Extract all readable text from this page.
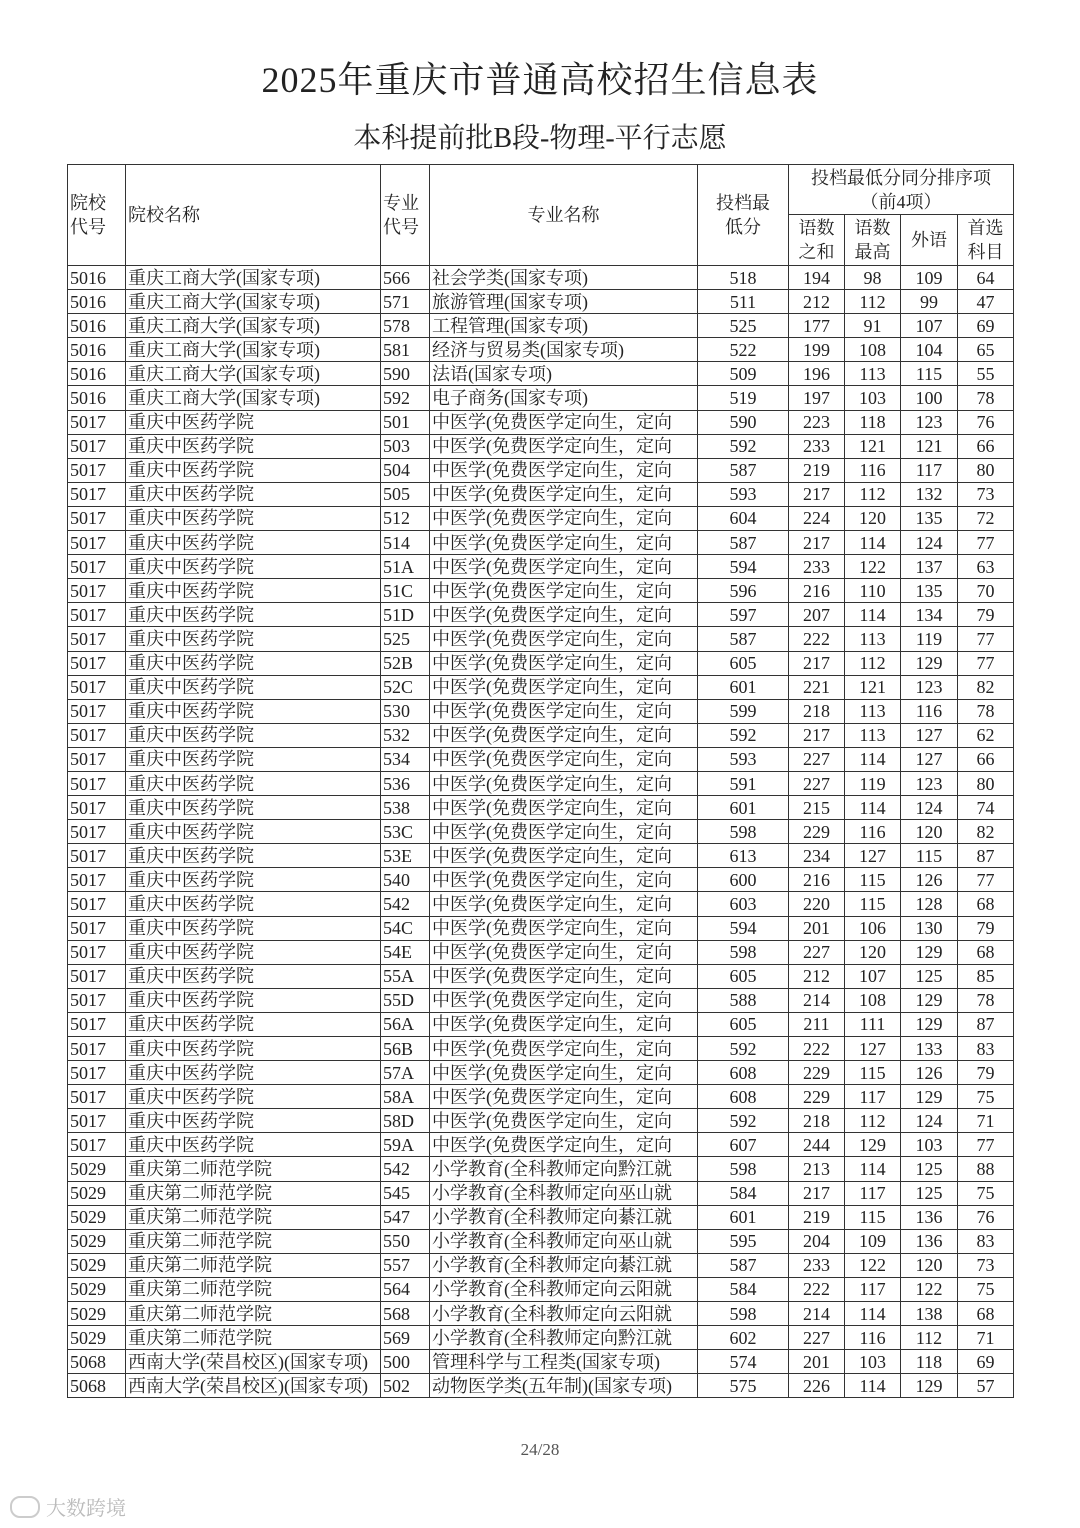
2025年重庆市普通高校招生信息表
本科提前批B段-物理-平行志愿
院校代号	院校名称	专业代号	专业名称	投档最低分	投档最低分同分排序项（前4项）			
					语数之和	语数最高	外语	首选科目
5016	重庆工商大学(国家专项)	566	社会学类(国家专项)	518	194	98	109	64
5016	重庆工商大学(国家专项)	571	旅游管理(国家专项)	511	212	112	99	47
5016	重庆工商大学(国家专项)	578	工程管理(国家专项)	525	177	91	107	69
5016	重庆工商大学(国家专项)	581	经济与贸易类(国家专项)	522	199	108	104	65
5016	重庆工商大学(国家专项)	590	法语(国家专项)	509	196	113	115	55
5016	重庆工商大学(国家专项)	592	电子商务(国家专项)	519	197	103	100	78
5017	重庆中医药学院	501	中医学(免费医学定向生，定向	590	223	118	123	76
5017	重庆中医药学院	503	中医学(免费医学定向生，定向	592	233	121	121	66
5017	重庆中医药学院	504	中医学(免费医学定向生，定向	587	219	116	117	80
5017	重庆中医药学院	505	中医学(免费医学定向生，定向	593	217	112	132	73
5017	重庆中医药学院	512	中医学(免费医学定向生，定向	604	224	120	135	72
5017	重庆中医药学院	514	中医学(免费医学定向生，定向	587	217	114	124	77
5017	重庆中医药学院	51A	中医学(免费医学定向生，定向	594	233	122	137	63
5017	重庆中医药学院	51C	中医学(免费医学定向生，定向	596	216	110	135	70
5017	重庆中医药学院	51D	中医学(免费医学定向生，定向	597	207	114	134	79
5017	重庆中医药学院	525	中医学(免费医学定向生，定向	587	222	113	119	77
5017	重庆中医药学院	52B	中医学(免费医学定向生，定向	605	217	112	129	77
5017	重庆中医药学院	52C	中医学(免费医学定向生，定向	601	221	121	123	82
5017	重庆中医药学院	530	中医学(免费医学定向生，定向	599	218	113	116	78
5017	重庆中医药学院	532	中医学(免费医学定向生，定向	592	217	113	127	62
5017	重庆中医药学院	534	中医学(免费医学定向生，定向	593	227	114	127	66
5017	重庆中医药学院	536	中医学(免费医学定向生，定向	591	227	119	123	80
5017	重庆中医药学院	538	中医学(免费医学定向生，定向	601	215	114	124	74
5017	重庆中医药学院	53C	中医学(免费医学定向生，定向	598	229	116	120	82
5017	重庆中医药学院	53E	中医学(免费医学定向生，定向	613	234	127	115	87
5017	重庆中医药学院	540	中医学(免费医学定向生，定向	600	216	115	126	77
5017	重庆中医药学院	542	中医学(免费医学定向生，定向	603	220	115	128	68
5017	重庆中医药学院	54C	中医学(免费医学定向生，定向	594	201	106	130	79
5017	重庆中医药学院	54E	中医学(免费医学定向生，定向	598	227	120	129	68
5017	重庆中医药学院	55A	中医学(免费医学定向生，定向	605	212	107	125	85
5017	重庆中医药学院	55D	中医学(免费医学定向生，定向	588	214	108	129	78
5017	重庆中医药学院	56A	中医学(免费医学定向生，定向	605	211	111	129	87
5017	重庆中医药学院	56B	中医学(免费医学定向生，定向	592	222	127	133	83
5017	重庆中医药学院	57A	中医学(免费医学定向生，定向	608	229	115	126	79
5017	重庆中医药学院	58A	中医学(免费医学定向生，定向	608	229	117	129	75
5017	重庆中医药学院	58D	中医学(免费医学定向生，定向	592	218	112	124	71
5017	重庆中医药学院	59A	中医学(免费医学定向生，定向	607	244	129	103	77
5029	重庆第二师范学院	542	小学教育(全科教师定向黔江就	598	213	114	125	88
5029	重庆第二师范学院	545	小学教育(全科教师定向巫山就	584	217	117	125	75
5029	重庆第二师范学院	547	小学教育(全科教师定向綦江就	601	219	115	136	76
5029	重庆第二师范学院	550	小学教育(全科教师定向巫山就	595	204	109	136	83
5029	重庆第二师范学院	557	小学教育(全科教师定向綦江就	587	233	122	120	73
5029	重庆第二师范学院	564	小学教育(全科教师定向云阳就	584	222	117	122	75
5029	重庆第二师范学院	568	小学教育(全科教师定向云阳就	598	214	114	138	68
5029	重庆第二师范学院	569	小学教育(全科教师定向黔江就	602	227	116	112	71
5068	西南大学(荣昌校区)(国家专项)	500	管理科学与工程类(国家专项)	574	201	103	118	69
5068	西南大学(荣昌校区)(国家专项)	502	动物医学类(五年制)(国家专项)	575	226	114	129	57
24/28
大数跨境
